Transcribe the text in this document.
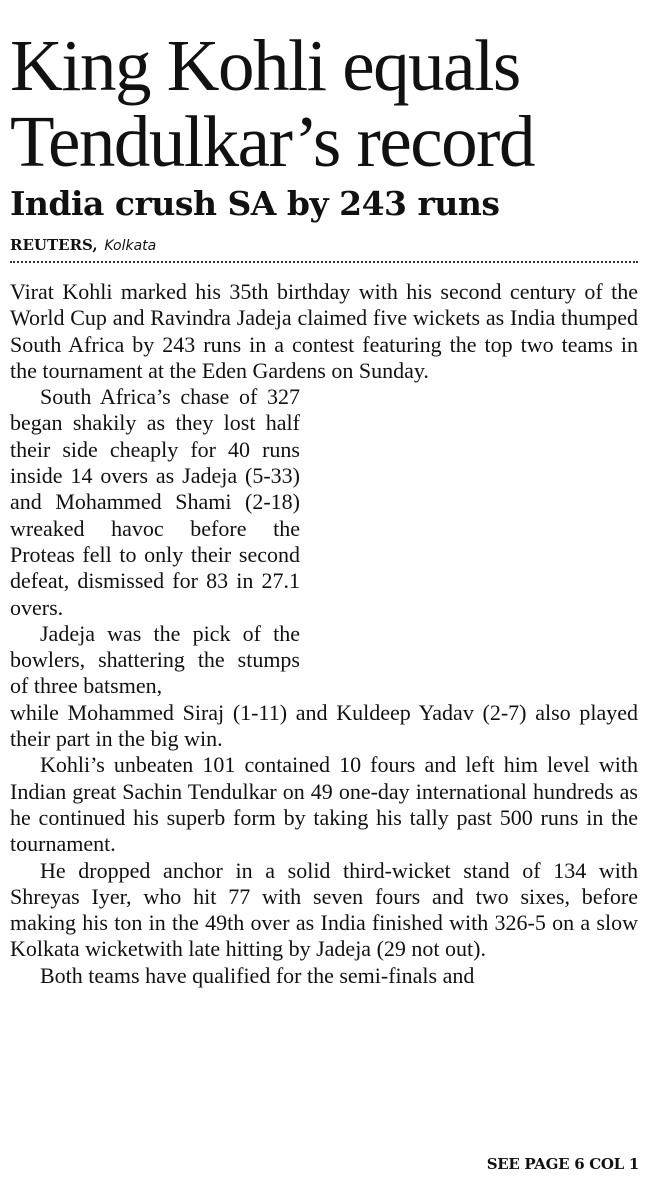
King Kohli equals
Tendulkar’s record
India crush SA by 243 runs
REUTERS, Kolkata

Virat Kohli marked his 35th birthday with his second century of the World Cup and Ravindra Jadeja claimed five wickets as India thumped South Africa by 243 runs in a contest featuring the top two teams in the tournament at the Eden Gardens on Sunday.

South Africa’s chase of 327 began shakily as they lost half their side cheaply for 40 runs inside 14 overs as Jadeja (5-33) and Mohammed Shami (2-18) wreaked havoc before the Proteas fell to only their second defeat, dismissed for 83 in 27.1 overs.

Jadeja was the pick of the bowlers, shattering the stumps of three batsmen,

while Mohammed Siraj (1-11) and Kuldeep Yadav (2-7) also played their part in the big win.

Kohli’s unbeaten 101 contained 10 fours and left him level with Indian great Sachin Tendulkar on 49 one-day international hundreds as he continued his superb form by taking his tally past 500 runs in the tournament.

He dropped anchor in a solid third-wicket stand of 134 with Shreyas Iyer, who hit 77 with seven fours and two sixes, before making his ton in the 49th over as India finished with 326-5 on a slow Kolkata wicketwith late hitting by Jadeja (29 not out).

Both teams have qualified for the semi-finals and

SEE PAGE 6 COL 1
